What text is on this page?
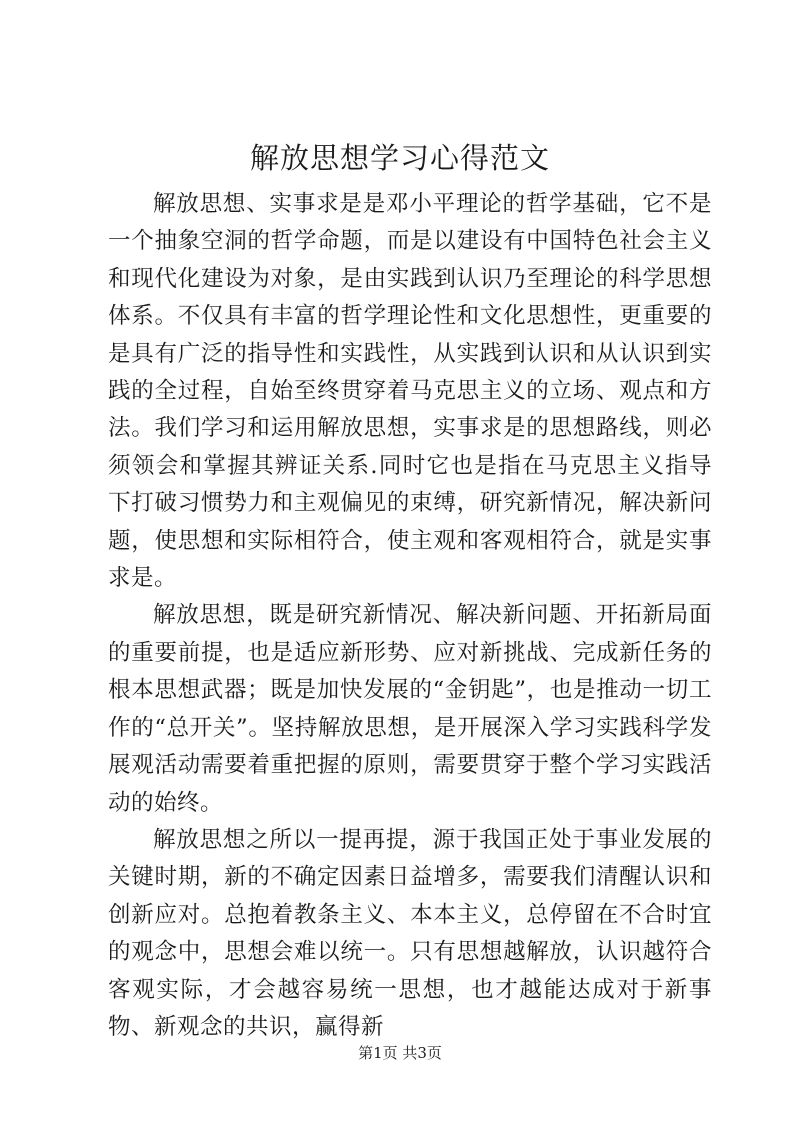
解放思想学习心得范文

解放思想、实事求是是邓小平理论的哲学基础，它不是一个抽象空洞的哲学命题，而是以建设有中国特色社会主义和现代化建设为对象，是由实践到认识乃至理论的科学思想体系。不仅具有丰富的哲学理论性和文化思想性，更重要的是具有广泛的指导性和实践性，从实践到认识和从认识到实践的全过程，自始至终贯穿着马克思主义的立场、观点和方法。我们学习和运用解放思想，实事求是的思想路线，则必须领会和掌握其辨证关系.同时它也是指在马克思主义指导下打破习惯势力和主观偏见的束缚，研究新情况，解决新问题，使思想和实际相符合，使主观和客观相符合，就是实事求是。

解放思想，既是研究新情况、解决新问题、开拓新局面的重要前提，也是适应新形势、应对新挑战、完成新任务的根本思想武器；既是加快发展的“金钥匙”，也是推动一切工作的“总开关”。坚持解放思想，是开展深入学习实践科学发展观活动需要着重把握的原则，需要贯穿于整个学习实践活动的始终。

解放思想之所以一提再提，源于我国正处于事业发展的关键时期，新的不确定因素日益增多，需要我们清醒认识和创新应对。总抱着教条主义、本本主义，总停留在不合时宜的观念中，思想会难以统一。只有思想越解放，认识越符合客观实际，才会越容易统一思想，也才越能达成对于新事物、新观念的共识，赢得新

第1页 共3页
